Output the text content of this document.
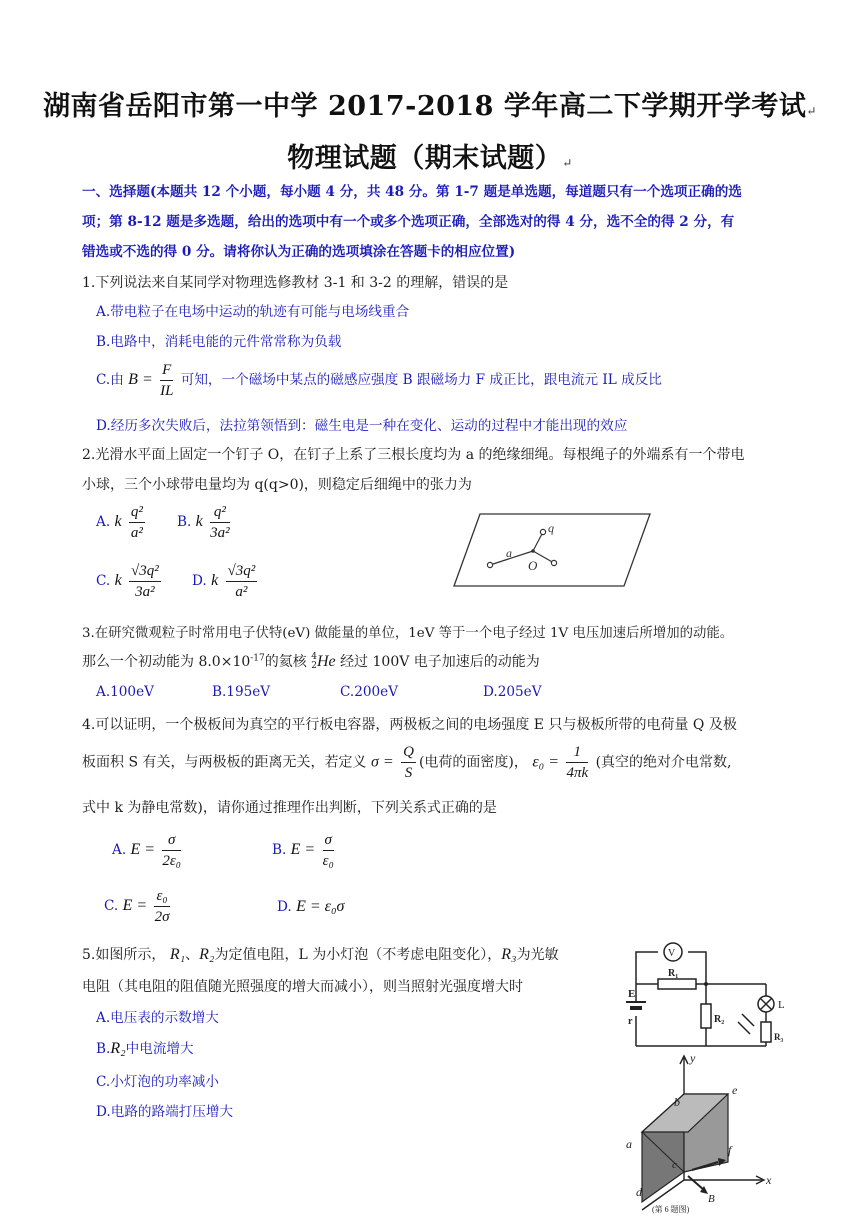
湖南省岳阳市第一中学 2017-2018 学年高二下学期开学考试↵
物理试题（期末试题）↵
一、选择题(本题共 12 个小题，每小题 4 分，共 48 分。第 1-7 题是单选题，每道题只有一个选项正确的选
项；第 8-12 题是多选题，给出的选项中有一个或多个选项正确，全部选对的得 4 分，选不全的得 2 分，有
错选或不选的得 0 分。请将你认为正确的选项填涂在答题卡的相应位置)
1.下列说法来自某同学对物理选修教材 3-1 和 3-2 的理解，错误的是
A.带电粒子在电场中运动的轨迹有可能与电场线重合
B.电路中，消耗电能的元件常常称为负载
C.由 $B = \frac{F}{IL}$ 可知，一个磁场中某点的磁感应强度 B 跟磁场力 F 成正比，跟电流元 IL 成反比
D.经历多次失败后，法拉第领悟到：磁生电是一种在变化、运动的过程中才能出现的效应
2.光滑水平面上固定一个钉子 O，在钉子上系了三根长度均为 a 的绝缘细绳。每根绳子的外端系有一个带电
小球，三个小球带电量均为 q(q>0)，则稳定后细绳中的张力为
A. k $\frac{\text{q²}}{\text{a²}} B$. k $\frac{\text{q²}}{\text{3a²}}$
C. k $\frac{\text{√3q²}}{\text{3a²}} D$. k $\frac{\text{√3q²}}{\text{a²}}$
q
a
O
3.在研究微观粒子时常用电子伏特(eV) 做能量的单位，1eV 等于一个电子经过 1V 电压加速后所增加的动能。
那么一个初动能为 $8.0\times 10^{-17}$的氦核 4
2 He 经过 100V 电子加速后的动能为
A.100eV	B.195eV	C.200eV	D.205eV
4.可以证明，一个极板间为真空的平行板电容器，两极板之间的电场强度 E 只与极板所带的电荷量 Q 及极
板面积 S 有关，与两极板的距离无关，若定义 $\sigma = \frac{Q}{S}$ (电荷的面密度)， $\varepsilon_0 = \frac{1}{4\pi k}$ (真空的绝对介电常数,
式中 k 为静电常数)，请你通过推理作出判断，下列关系式正确的是
A. $E = \frac{\sigma}{\text{2ε₀}}$	B. $E = \frac{\sigma}{\text{ε₀}}$
C. $E = \frac{\text{ε₀}}{2\sigma}$	D. E = ε₀σ
5.如图所示， R₁、R₂为定值电阻，L 为小灯泡（不考虑电阻变化），R₃为光敏
电阻（其电阻的阻值随光照强度的增大而减小），则当照射光强度增大时
A.电压表的示数增大
B.R₂中电流增大
C.小灯泡的功率减小
D.电路的路端打压增大
V
E
r
R₁
R₂
R₃
L
y
x
a
b
c
d
e
f
B
(第 6 题图)
